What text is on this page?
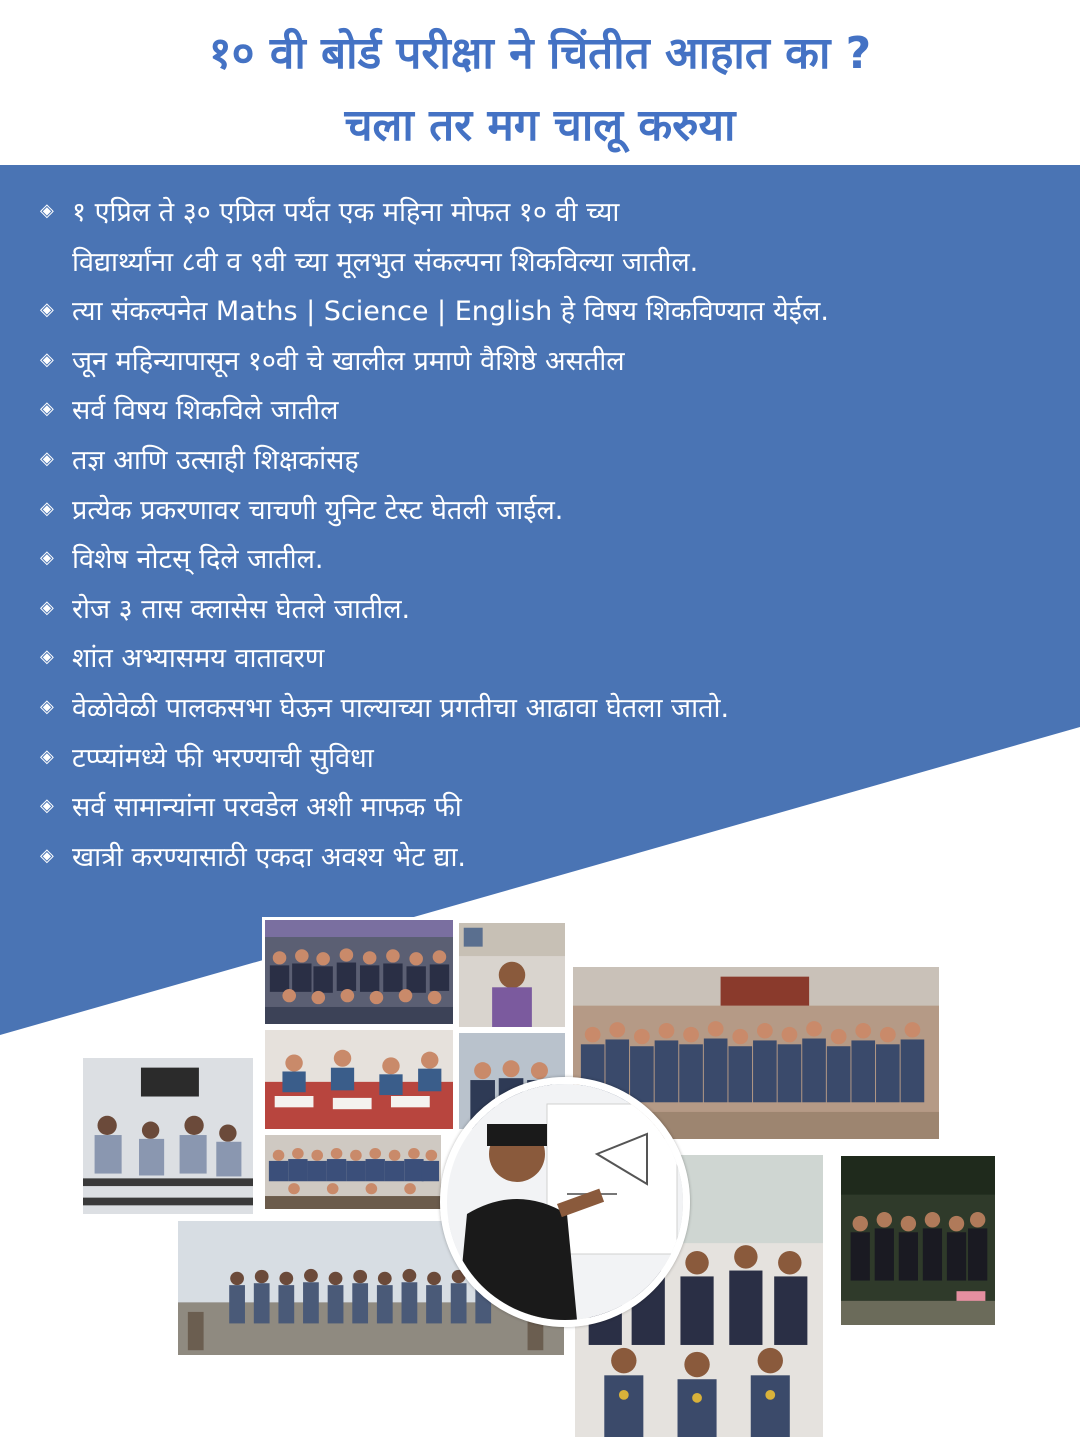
१० वी बोर्ड परीक्षा ने चिंतीत आहात का ?
चला तर मग चालू करुया
◈ १ एप्रिल ते ३० एप्रिल पर्यंत एक महिना मोफत १० वी च्या
विद्यार्थ्यांना ८वी व ९वी च्या मूलभुत संकल्पना शिकविल्या जातील.
◈ त्या संकल्पनेत Maths | Science | English हे विषय शिकविण्यात येईल.
◈ जून महिन्यापासून १०वी चे खालील प्रमाणे वैशिष्ठे असतील
◈ सर्व विषय शिकविले जातील
◈ तज्ञ आणि उत्साही शिक्षकांसह
◈ प्रत्येक प्रकरणावर चाचणी युनिट टेस्ट घेतली जाईल.
◈ विशेष नोटस् दिले जातील.
◈ रोज ३ तास क्लासेस घेतले जातील.
◈ शांत अभ्यासमय वातावरण
◈ वेळोवेळी पालकसभा घेऊन पाल्याच्या प्रगतीचा आढावा घेतला जातो.
◈ टप्प्यांमध्ये फी भरण्याची सुविधा
◈ सर्व सामान्यांना परवडेल अशी माफक फी
◈ खात्री करण्यासाठी एकदा अवश्य भेट द्या.
